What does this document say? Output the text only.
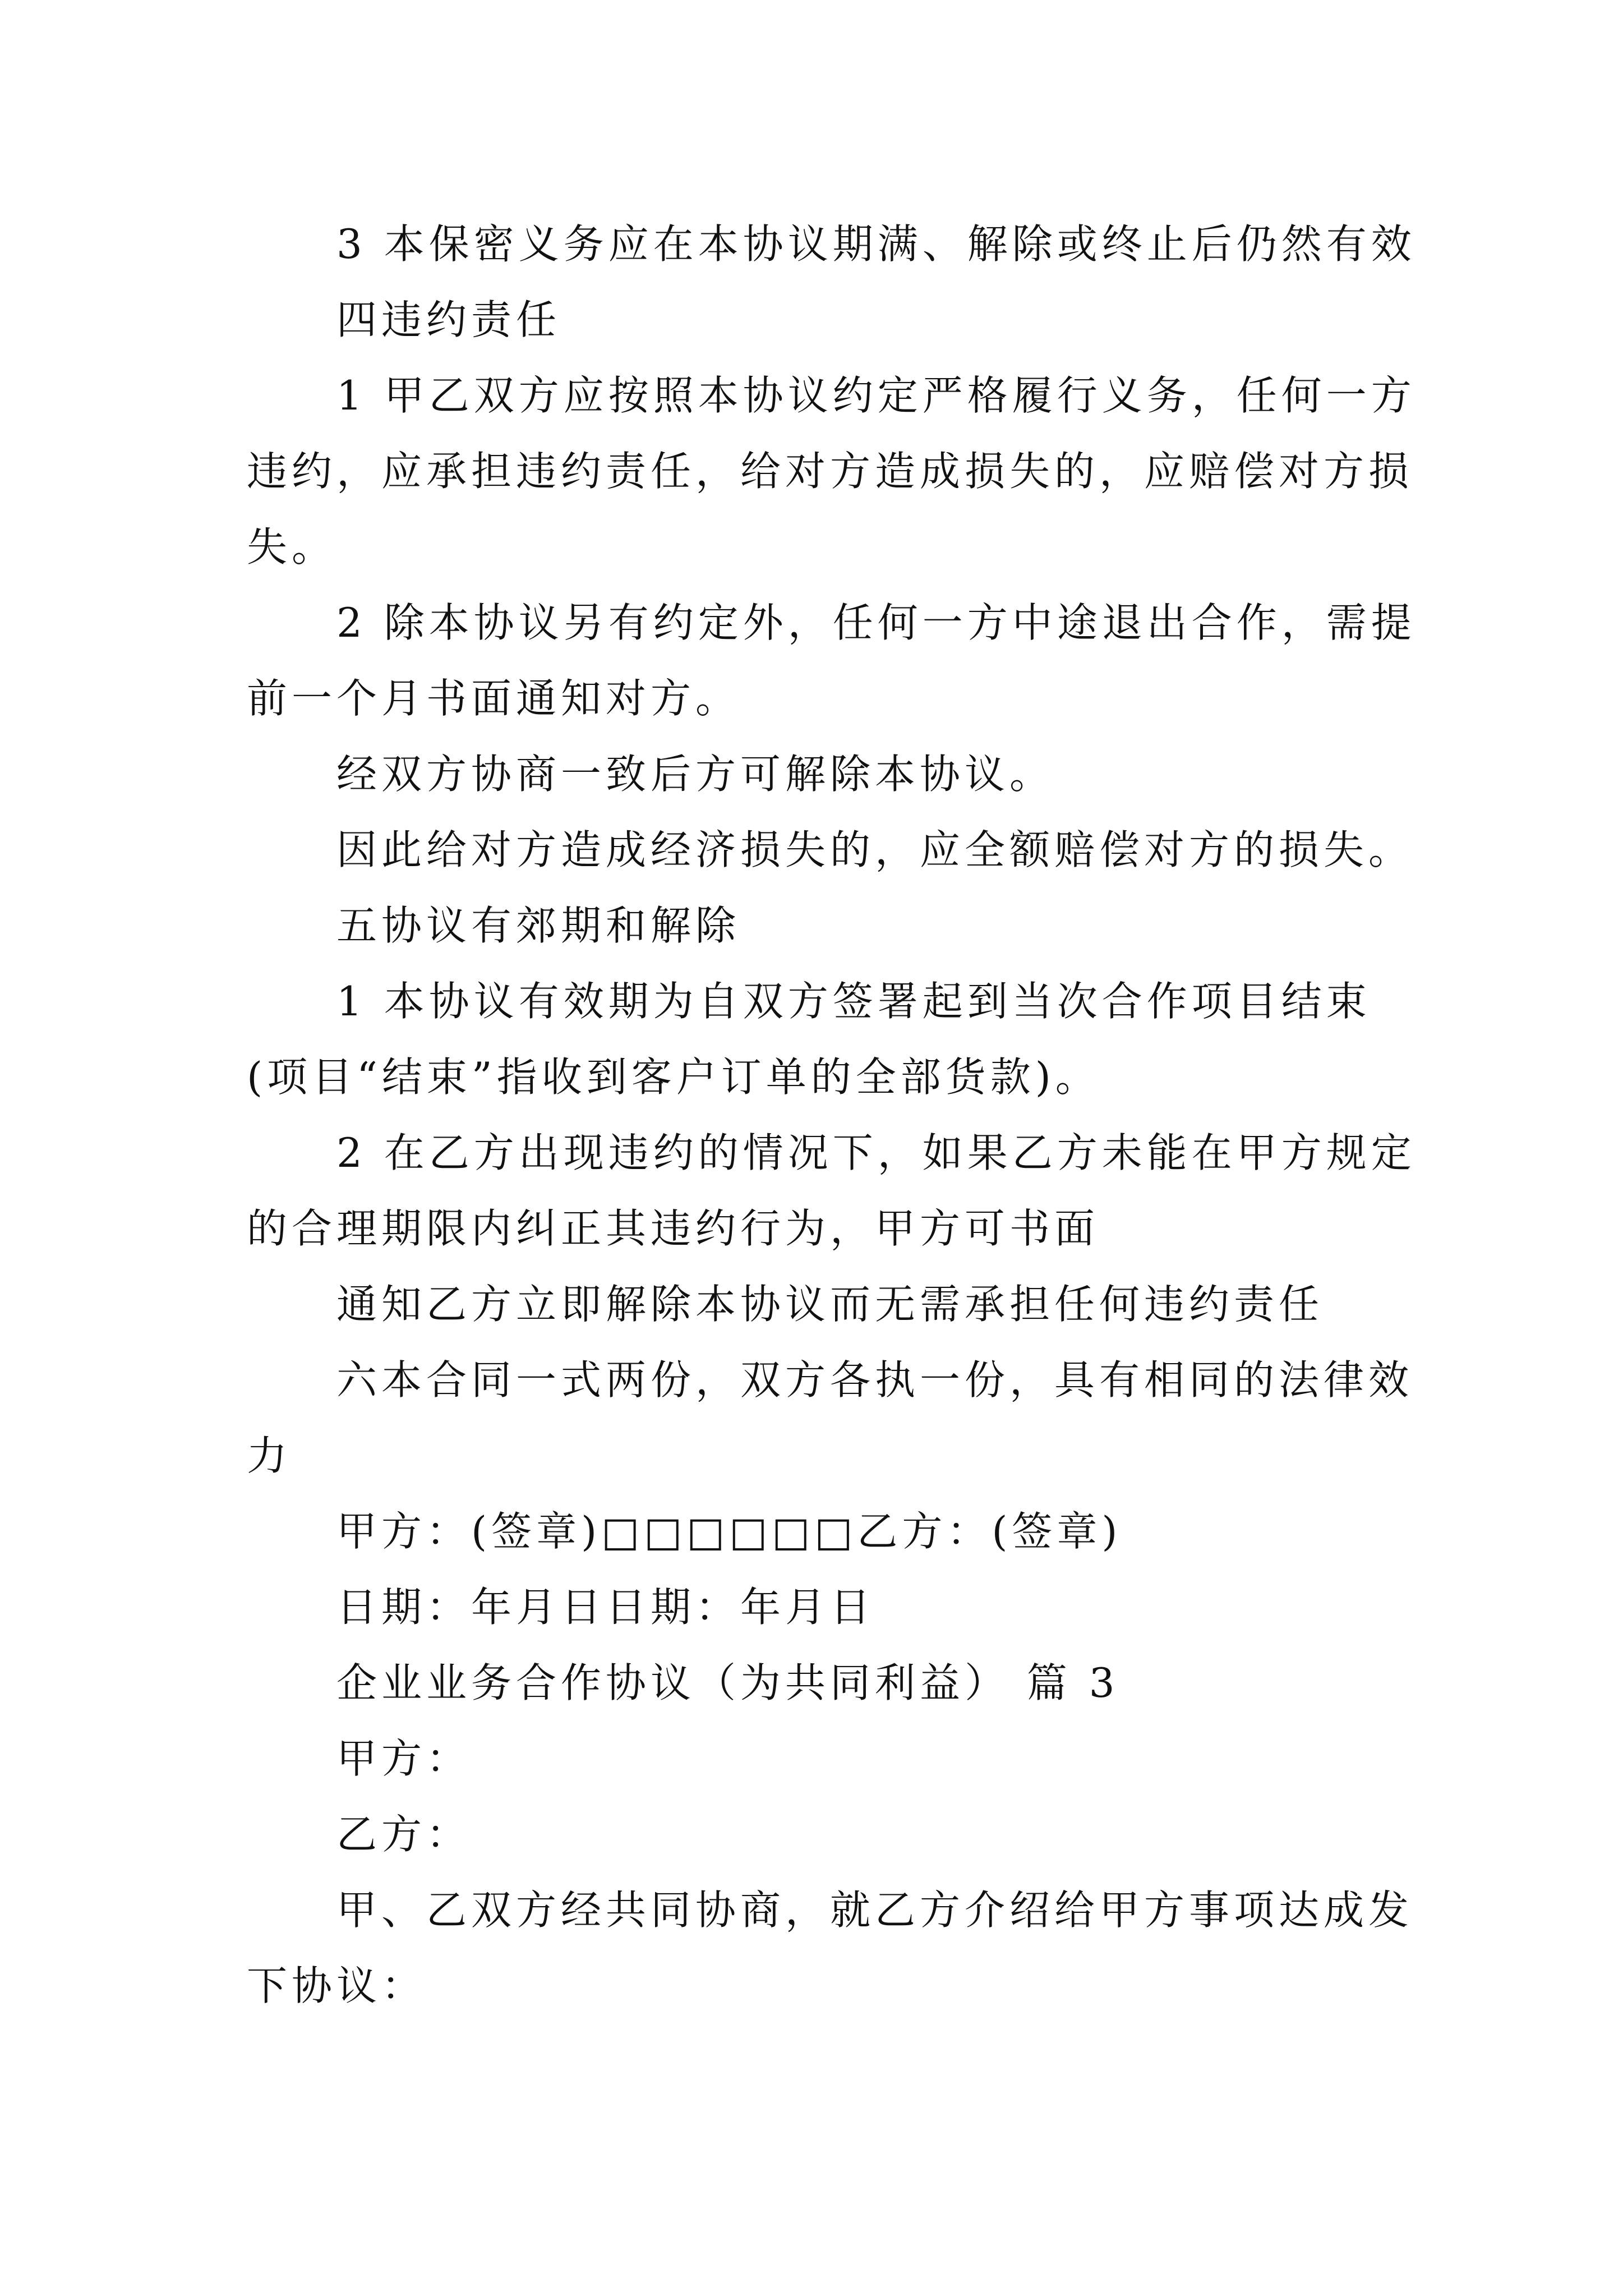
3 本保密义务应在本协议期满、解除或终止后仍然有效
四违约责任
1 甲乙双方应按照本协议约定严格履行义务，任何一方
违约，应承担违约责任，给对方造成损失的，应赔偿对方损
失。
2 除本协议另有约定外，任何一方中途退出合作，需提
前一个月书面通知对方。
经双方协商一致后方可解除本协议。
因此给对方造成经济损失的，应全额赔偿对方的损失。
五协议有郊期和解除
1 本协议有效期为自双方签署起到当次合作项目结束
(项目“结束”指收到客户订单的全部货款)。
2 在乙方出现违约的情况下，如果乙方未能在甲方规定
的合理期限内纠正其违约行为，甲方可书面
通知乙方立即解除本协议而无需承担任何违约责任
六本合同一式两份，双方各执一份，具有相同的法律效
力
甲方：(签章)□□□□□□乙方：(签章)
日期：年月日日期：年月日
企业业务合作协议（为共同利益） 篇 3
甲方：
乙方：
甲、乙双方经共同协商，就乙方介绍给甲方事项达成发
下协议：
